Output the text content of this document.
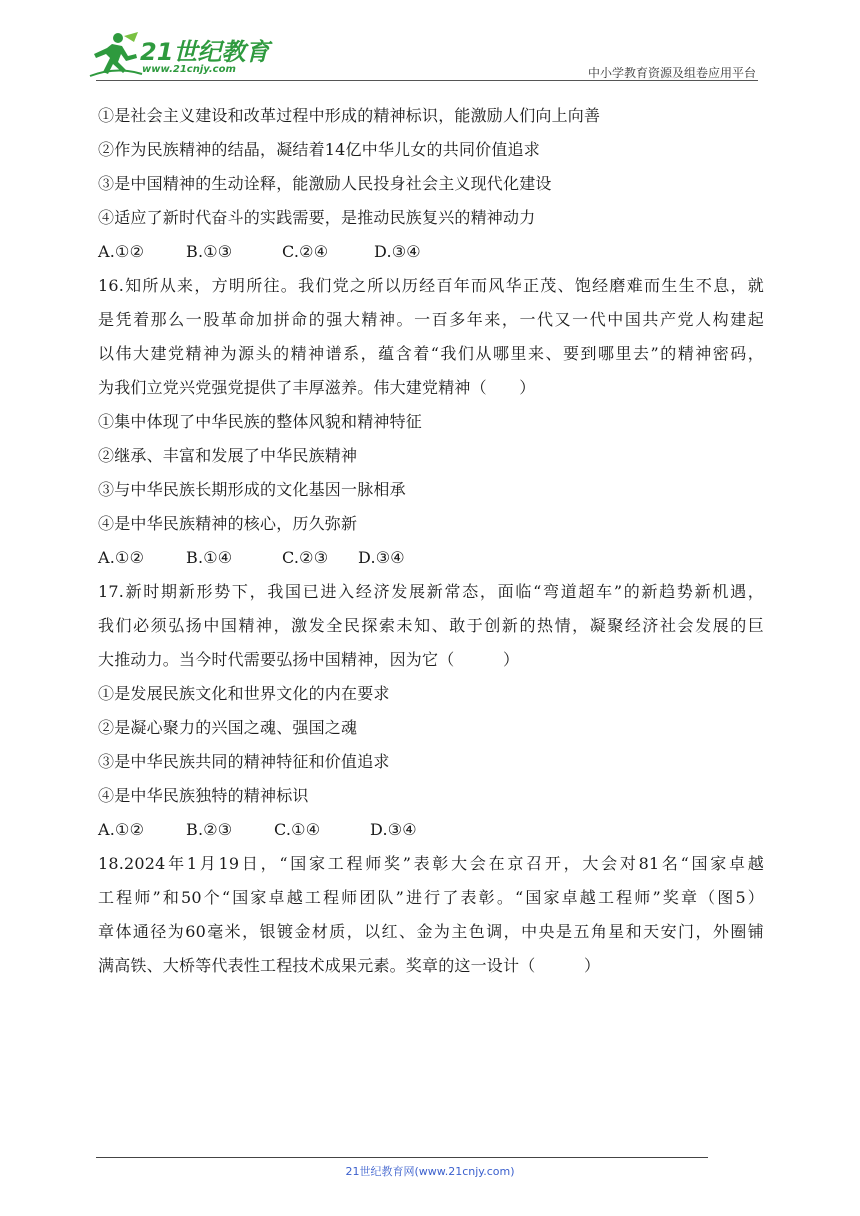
21世纪教育
www.21cnjy.com	中小学教育资源及组卷应用平台
①是社会主义建设和改革过程中形成的精神标识，能激励人们向上向善
②作为民族精神的结晶，凝结着14亿中华儿女的共同价值追求
③是中国精神的生动诠释，能激励人民投身社会主义现代化建设
④适应了新时代奋斗的实践需要，是推动民族复兴的精神动力
A.①②	B.①③	C.②④	D.③④
16.知所从来，方明所往。我们党之所以历经百年而风华正茂、饱经磨难而生生不息，就
是凭着那么一股革命加拼命的强大精神。一百多年来，一代又一代中国共产党人构建起
以伟大建党精神为源头的精神谱系，蕴含着“我们从哪里来、要到哪里去”的精神密码，
为我们立党兴党强党提供了丰厚滋养。伟大建党精神（　　）
①集中体现了中华民族的整体风貌和精神特征
②继承、丰富和发展了中华民族精神
③与中华民族长期形成的文化基因一脉相承
④是中华民族精神的核心，历久弥新
A.①②	B.①④	C.②③	D.③④
17.新时期新形势下，我国已进入经济发展新常态，面临“弯道超车”的新趋势新机遇，
我们必须弘扬中国精神，激发全民探索未知、敢于创新的热情，凝聚经济社会发展的巨
大推动力。当今时代需要弘扬中国精神，因为它（　　　）
①是发展民族文化和世界文化的内在要求
②是凝心聚力的兴国之魂、强国之魂
③是中华民族共同的精神特征和价值追求
④是中华民族独特的精神标识
A.①②	B.②③	C.①④	D.③④
18.2024年1月19日，“国家工程师奖”表彰大会在京召开，大会对81名“国家卓越
工程师”和50个“国家卓越工程师团队”进行了表彰。“国家卓越工程师”奖章（图5）
章体通径为60毫米，银镀金材质，以红、金为主色调，中央是五角星和天安门，外圈铺
满高铁、大桥等代表性工程技术成果元素。奖章的这一设计（　　　）
21世纪教育网(www.21cnjy.com)
